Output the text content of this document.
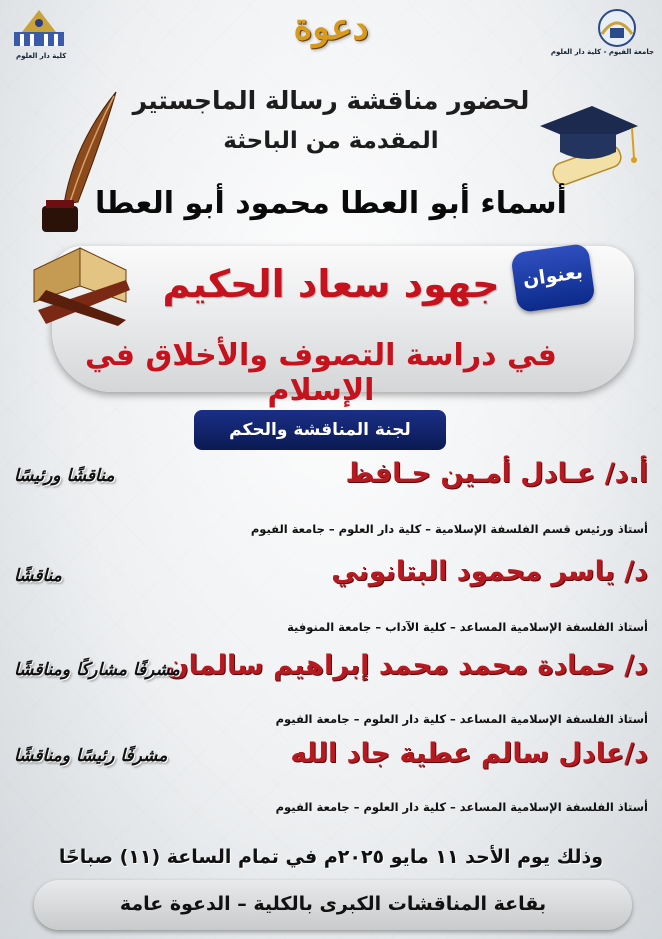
كلية دار العلوم	جامعة الفيوم - كلية دار العلوم
دعوة
لحضور مناقشة رسالة الماجستير
المقدمة من الباحثة
أسماء أبو العطا محمود أبو العطا
بعنوان
جهود سعاد الحكيم
في دراسة التصوف والأخلاق في الإسلام
لجنة المناقشة والحكم
أ.د/ عـادل أمـين حـافظ
مناقشًا ورئيسًا
أستاذ ورئيس قسم الفلسفة الإسلامية – كلية دار العلوم – جامعة الفيوم
د/ ياسر محمود البتانوني
مناقشًا
أستاذ الفلسفة الإسلامية المساعد – كلية الآداب – جامعة المنوفية
د/ حمادة محمد محمد إبراهيم سالمان
مشرفًا مشاركًا ومناقشًا
أستاذ الفلسفة الإسلامية المساعد – كلية دار العلوم – جامعة الفيوم
د/عادل سالم عطية جاد الله
مشرفًا رئيسًا ومناقشًا
أستاذ الفلسفة الإسلامية المساعد – كلية دار العلوم – جامعة الفيوم
وذلك يوم الأحد ١١ مايو ٢٠٢٥م في تمام الساعة (١١) صباحًا
بقاعة المناقشات الكبرى بالكلية – الدعوة عامة
